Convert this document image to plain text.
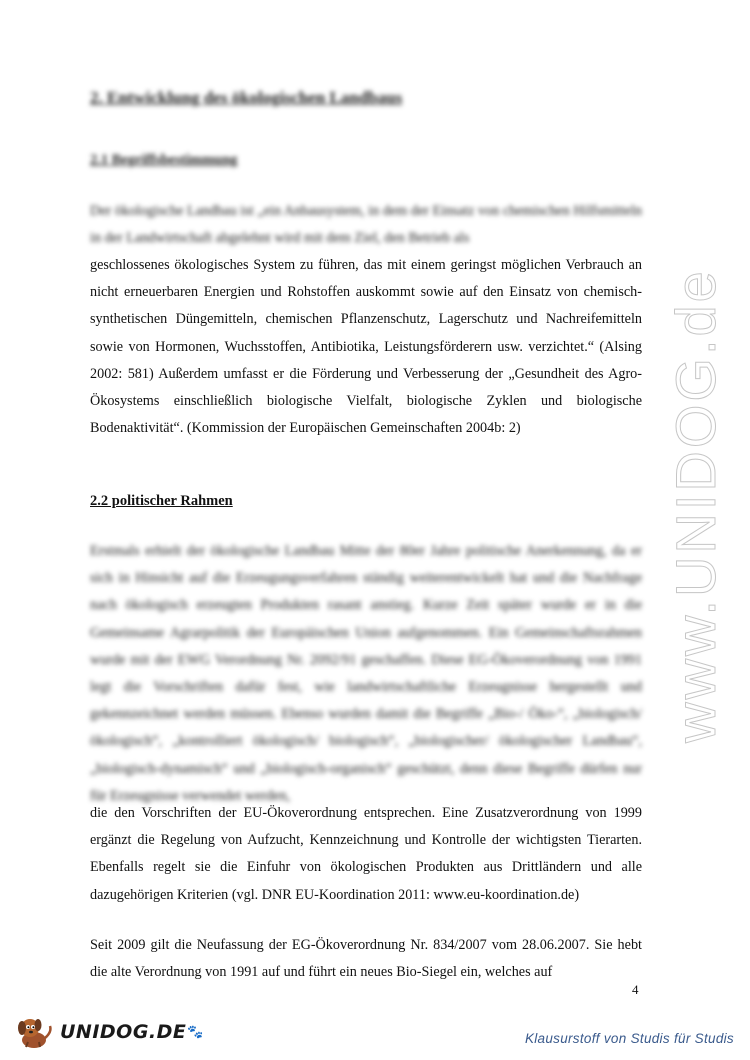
2. Entwicklung des ökologischen Landbaus
2.1 Begriffsbestimmung

Der ökologische Landbau ist „ein Anbausystem, in dem der Einsatz von chemischen Hilfsmitteln in der Landwirtschaft abgelehnt wird mit dem Ziel, den Betrieb als

geschlossenes ökologisches System zu führen, das mit einem geringst möglichen Verbrauch an nicht erneuerbaren Energien und Rohstoffen auskommt sowie auf den Einsatz von chemisch-synthetischen Düngemitteln, chemischen Pflanzenschutz, Lagerschutz und Nachreifemitteln sowie von Hormonen, Wuchsstoffen, Antibiotika, Leistungsförderern usw. verzichtet.“ (Alsing 2002: 581) Außerdem umfasst er die Förderung und Verbesserung der „Gesundheit des Agro-Ökosystems einschließlich biologische Vielfalt, biologische Zyklen und biologische Bodenaktivität“. (Kommission der Europäischen Gemeinschaften 2004b: 2)

2.2 politischer Rahmen

Erstmals erhielt der ökologische Landbau Mitte der 80er Jahre politische Anerkennung, da er sich in Hinsicht auf die Erzeugungsverfahren ständig weiterentwickelt hat und die Nachfrage nach ökologisch erzeugten Produkten rasant anstieg. Kurze Zeit später wurde er in die Gemeinsame Agrarpolitik der Europäischen Union aufgenommen. Ein Gemeinschaftsrahmen wurde mit der EWG Verordnung Nr. 2092/91 geschaffen. Diese EG-Ökoverordnung von 1991 legt die Vorschriften dafür fest, wie landwirtschaftliche Erzeugnisse hergestellt und gekennzeichnet werden müssen. Ebenso wurden damit die Begriffe „Bio-/ Öko-“, „biologisch/ ökologisch“, „kontrolliert ökologisch/ biologisch“, „biologischer/ ökologischer Landbau“, „biologisch-dynamisch“ und „biologisch-organisch“ geschützt, denn diese Begriffe dürfen nur für Erzeugnisse verwendet werden,

die den Vorschriften der EU-Ökoverordnung entsprechen. Eine Zusatzverordnung von 1999 ergänzt die Regelung von Aufzucht, Kennzeichnung und Kontrolle der wichtigsten Tierarten. Ebenfalls regelt sie die Einfuhr von ökologischen Produkten aus Drittländern und alle dazugehörigen Kriterien (vgl. DNR EU-Koordination 2011: www.eu-koordination.de)

Seit 2009 gilt die Neufassung der EG-Ökoverordnung Nr. 834/2007 vom 28.06.2007. Sie hebt die alte Verordnung von 1991 auf und führt ein neues Bio-Siegel ein, welches auf

4
www.UNIDOG.de
UNIDOG.DE 🐾	Klausurstoff von Studis für Studis
